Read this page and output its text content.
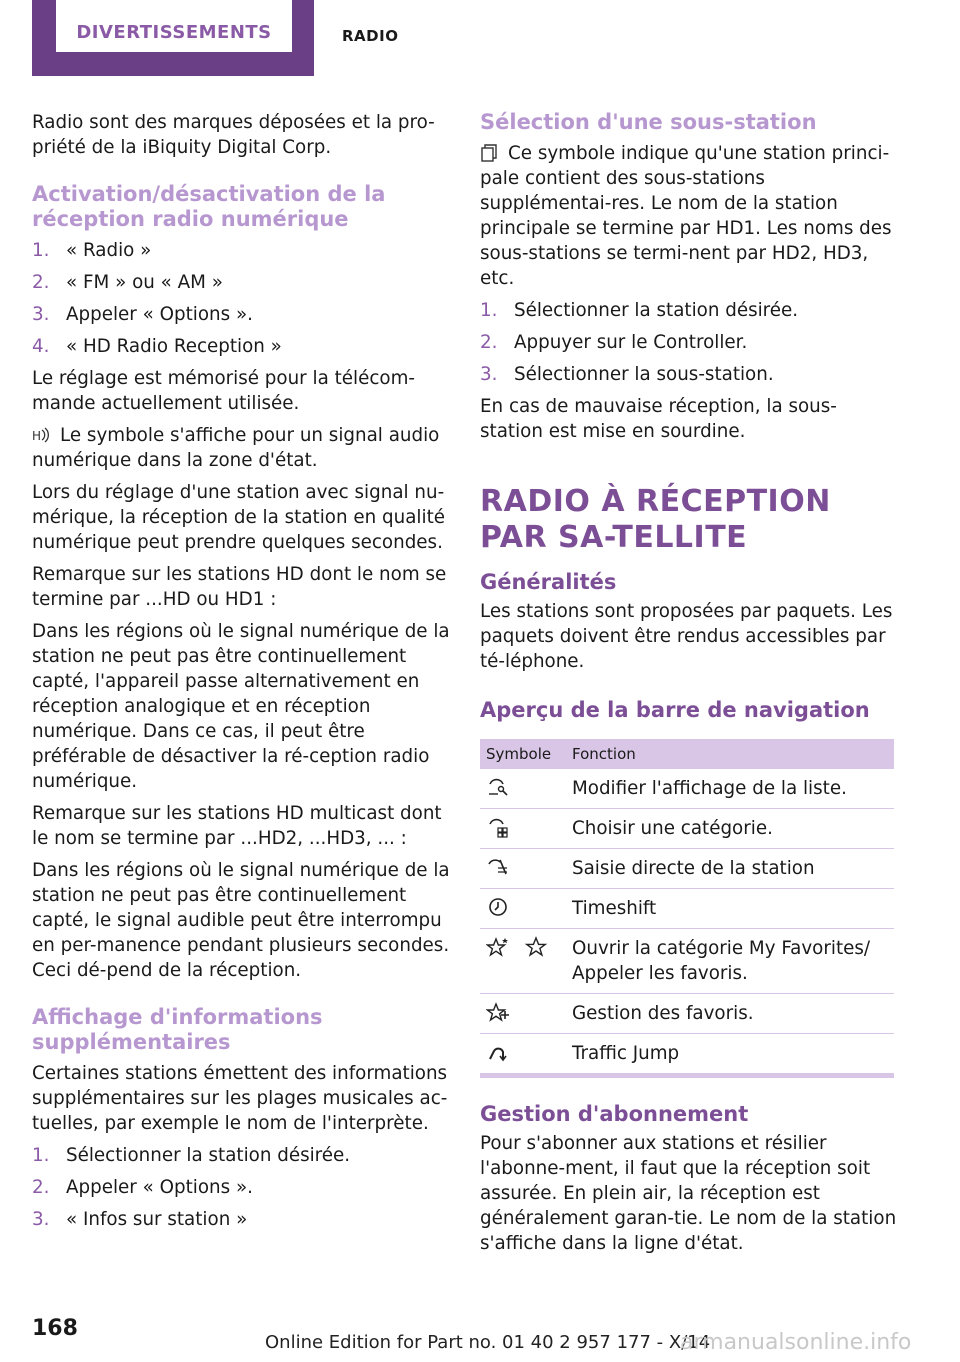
DIVERTISSEMENTS	RADIO

Radio sont des marques déposées et la pro-priété de la iBiquity Digital Corp.

Activation/désactivation de la réception radio numérique
1. « Radio »
2. « FM » ou « AM »
3. Appeler « Options ».
4. « HD Radio Reception »

Le réglage est mémorisé pour la télécom-mande actuellement utilisée.

H Le symbole s'affiche pour un signal audio numérique dans la zone d'état.

Lors du réglage d'une station avec signal nu-mérique, la réception de la station en qualité numérique peut prendre quelques secondes.

Remarque sur les stations HD dont le nom se termine par ...HD ou HD1 :

Dans les régions où le signal numérique de la station ne peut pas être continuellement capté, l'appareil passe alternativement en réception analogique et en réception numérique. Dans ce cas, il peut être préférable de désactiver la ré-ception radio numérique.

Remarque sur les stations HD multicast dont le nom se termine par ...HD2, ...HD3, ... :

Dans les régions où le signal numérique de la station ne peut pas être continuellement capté, le signal audible peut être interrompu en per-manence pendant plusieurs secondes. Ceci dé-pend de la réception.

Affichage d'informations supplémentaires

Certaines stations émettent des informations supplémentaires sur les plages musicales ac-tuelles, par exemple le nom de l'interprète.

1. Sélectionner la station désirée.
2. Appeler « Options ».
3. « Infos sur station »
Sélection d'une sous-station

Ce symbole indique qu'une station princi-pale contient des sous-stations supplémentai-res. Le nom de la station principale se termine par HD1. Les noms des sous-stations se termi-nent par HD2, HD3, etc.

1. Sélectionner la station désirée.
2. Appuyer sur le Controller.
3. Sélectionner la sous-station.

En cas de mauvaise réception, la sous-station est mise en sourdine.

RADIO À RÉCEPTION PAR SA-TELLITE
Généralités

Les stations sont proposées par paquets. Les paquets doivent être rendus accessibles par té-léphone.

Aperçu de la barre de navigation
Symbole	Fonction
	Modifier l'affichage de la liste.
	Choisir une catégorie.
	Saisie directe de la station
	Timeshift
	Ouvrir la catégorie My Favorites/ Appeler les favoris.
	Gestion des favoris.
	Traffic Jump
Gestion d'abonnement

Pour s'abonner aux stations et résilier l'abonne-ment, il faut que la réception soit assurée. En plein air, la réception est généralement garan-tie. Le nom de la station s'affiche dans la ligne d'état.

168
Online Edition for Part no. 01 40 2 957 177 - X/14
armanualsonline.info
